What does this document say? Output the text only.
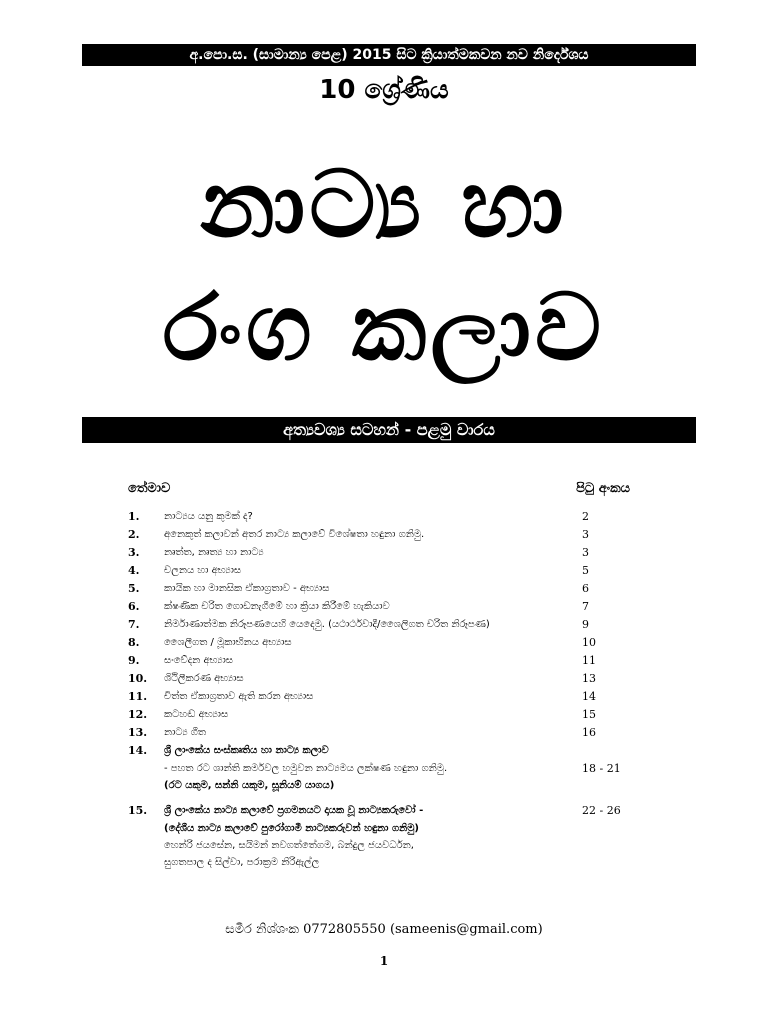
අ.පො.ස. (සාමාන්‍ය පෙළ) 2015 සිට ක්‍රියාත්මකවන නව නිර්දේශය
10 ශ්‍රේණිය
නාට්‍ය හා
රංග කලාව
අත්‍යවශ්‍ය සටහන් - පළමු වාරය
තේමාව	පිටු අංකය
1.	නාට්‍යය යනු කුමක් ද?	2
2.	අනෙකුත් කලාවන් අතර නාට්‍ය කලාවේ විශේෂතා හඳුනා ගනිමු.	3
3.	නෘත්ත, නෘත්‍ය හා නාට්‍ය	3
4.	චලනය හා අභ්‍යාස	5
5.	කායික හා මානසික ඒකාග්‍රතාව - අභ්‍යාස	6
6.	ක්ෂණික චරිත ගොඩනැගීමේ හා ක්‍රියා කිරීමේ හැකියාව	7
7.	නිර්මාණාත්මක නිරූපණයෙහි යෙදෙමු. (යථාර්ථවාදී/ශෛලිගත චරිත නිරූපණ)	9
8.	ශෛලීගත / මූකාභිනය අභ්‍යාස	10
9.	සංවේදන අභ්‍යාස	11
10.	ශිථිලීකරණ අභ්‍යාස	13
11.	චිත්ත ඒකාග්‍රතාව ඇති කරන අභ්‍යාස	14
12.	කටහඬ අභ්‍යාස	15
13.	නාට්‍ය ගීත	16
14.	ශ්‍රී ලාංකේය සංස්කෘතිය හා නාට්‍ය කලාව
- පහත රට ශාන්ති කර්මවල හමුවන නාට්‍යමය ලක්ෂණ හඳුනා ගනිමු.	18 - 21
(රට යකුම, සන්නි යකුම, සූනියම් යාගය)
15.	ශ්‍රී ලාංකේය නාට්‍ය කලාවේ ප්‍රගමනයට දායක වූ නාට්‍යකරුවෝ -	22 - 26
(දේශීය නාට්‍ය කලාවේ පුරෝගාමී නාට්‍යකරුවන් හඳුනා ගනිමු)
හෙන්රි ජයසේන, සයිමන් නවගත්තේගම, බන්දුල ජයවර්ධන,
සුගතපාල ද සිල්වා, පරාක්‍රම නිරිඇල්ල
සමීර නිශ්ශංක 0772805550 (sameenis@gmail.com)
1
